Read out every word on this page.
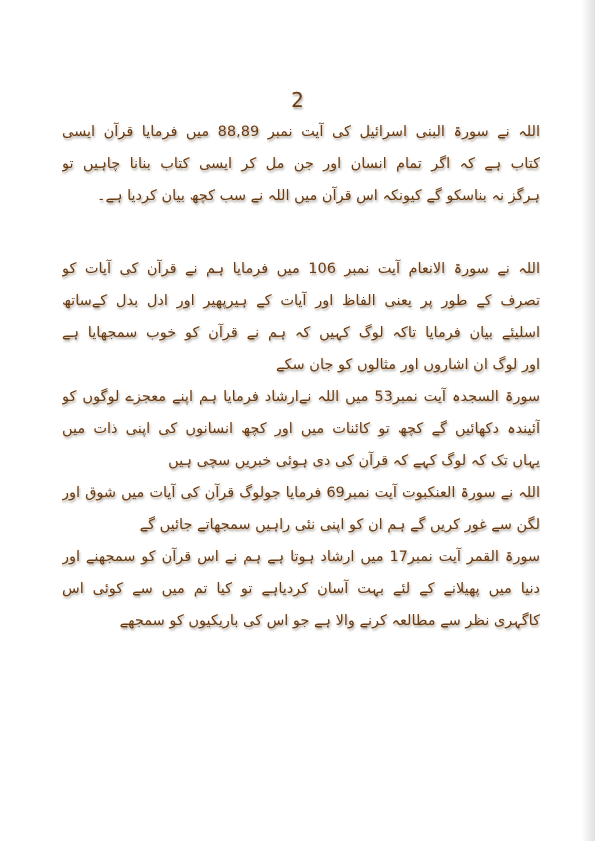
2
اللہ نے سورۃ البنی اسرائیل کی آیت نمبر 88,89 میں فرمایا قرآن ایسی
کتاب ہے کہ اگر تمام انسان اور جن مل کر ایسی کتاب بنانا چاہیں تو
ہرگز نہ بناسکو گے کیونکہ اس قرآن میں اللہ نے سب کچھ بیان کردیا ہے۔
اللہ نے سورۃ الانعام آیت نمبر 106 میں فرمایا ہم نے قرآن کی آیات کو
تصرف کے طور پر یعنی الفاظ اور آیات کے ہیرپھیر اور ادل بدل کےساتھ
اسلیئے بیان فرمایا تاکہ لوگ کہیں کہ ہم نے قرآن کو خوب سمجھایا ہے
اور لوگ ان اشاروں اور مثالوں کو جان سکے
سورۃ السجدہ آیت نمبر53 میں اللہ نےارشاد فرمایا ہم اپنے معجزے لوگوں کو
آئیندہ دکھائیں گے کچھ تو کائنات میں اور کچھ انسانوں کی اپنی ذات میں
یہاں تک کہ لوگ کہے کہ قرآن کی دی ہوئی خبریں سچی ہیں
اللہ نے سورۃ العنکبوت آیت نمبر69 فرمایا جولوگ قرآن کی آیات میں شوق اور
لگن سے غور کریں گے ہم ان کو اپنی نئی راہیں سمجھاتے جائیں گے
سورۃ القمر آیت نمبر17 میں ارشاد ہوتا ہے ہم نے اس قرآن کو سمجھنے اور
دنیا میں پھیلانے کے لئے بہت آسان کردیاہے تو کیا تم میں سے کوئی اس
کاگہری نظر سے مطالعہ کرنے والا ہے جو اس کی باریکیوں کو سمجھے
